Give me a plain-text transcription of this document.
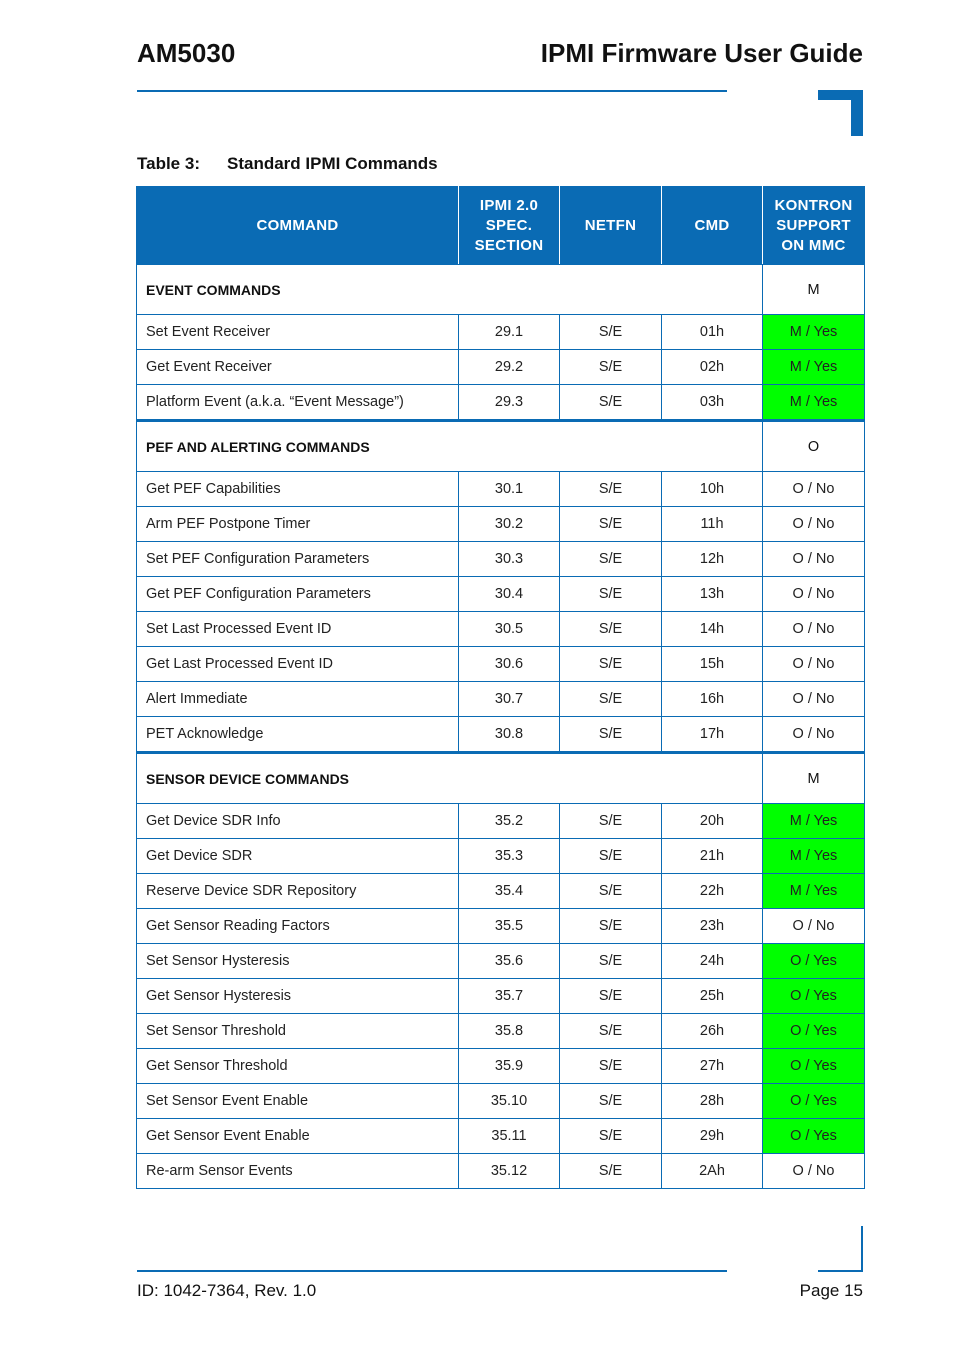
AM5030	IPMI Firmware User Guide
Table 3: Standard IPMI Commands
COMMAND	IPMI 2.0
SPEC.
SECTION	NETFN	CMD	KONTRON
SUPPORT
ON MMC
EVENT COMMANDS				M
Set Event Receiver	29.1	S/E	01h	M / Yes
Get Event Receiver	29.2	S/E	02h	M / Yes
Platform Event (a.k.a. “Event Message”)	29.3	S/E	03h	M / Yes
PEF AND ALERTING COMMANDS				O
Get PEF Capabilities	30.1	S/E	10h	O / No
Arm PEF Postpone Timer	30.2	S/E	11h	O / No
Set PEF Configuration Parameters	30.3	S/E	12h	O / No
Get PEF Configuration Parameters	30.4	S/E	13h	O / No
Set Last Processed Event ID	30.5	S/E	14h	O / No
Get Last Processed Event ID	30.6	S/E	15h	O / No
Alert Immediate	30.7	S/E	16h	O / No
PET Acknowledge	30.8	S/E	17h	O / No
SENSOR DEVICE COMMANDS				M
Get Device SDR Info	35.2	S/E	20h	M / Yes
Get Device SDR	35.3	S/E	21h	M / Yes
Reserve Device SDR Repository	35.4	S/E	22h	M / Yes
Get Sensor Reading Factors	35.5	S/E	23h	O / No
Set Sensor Hysteresis	35.6	S/E	24h	O / Yes
Get Sensor Hysteresis	35.7	S/E	25h	O / Yes
Set Sensor Threshold	35.8	S/E	26h	O / Yes
Get Sensor Threshold	35.9	S/E	27h	O / Yes
Set Sensor Event Enable	35.10	S/E	28h	O / Yes
Get Sensor Event Enable	35.11	S/E	29h	O / Yes
Re-arm Sensor Events	35.12	S/E	2Ah	O / No
ID: 1042-7364, Rev. 1.0	Page 15
